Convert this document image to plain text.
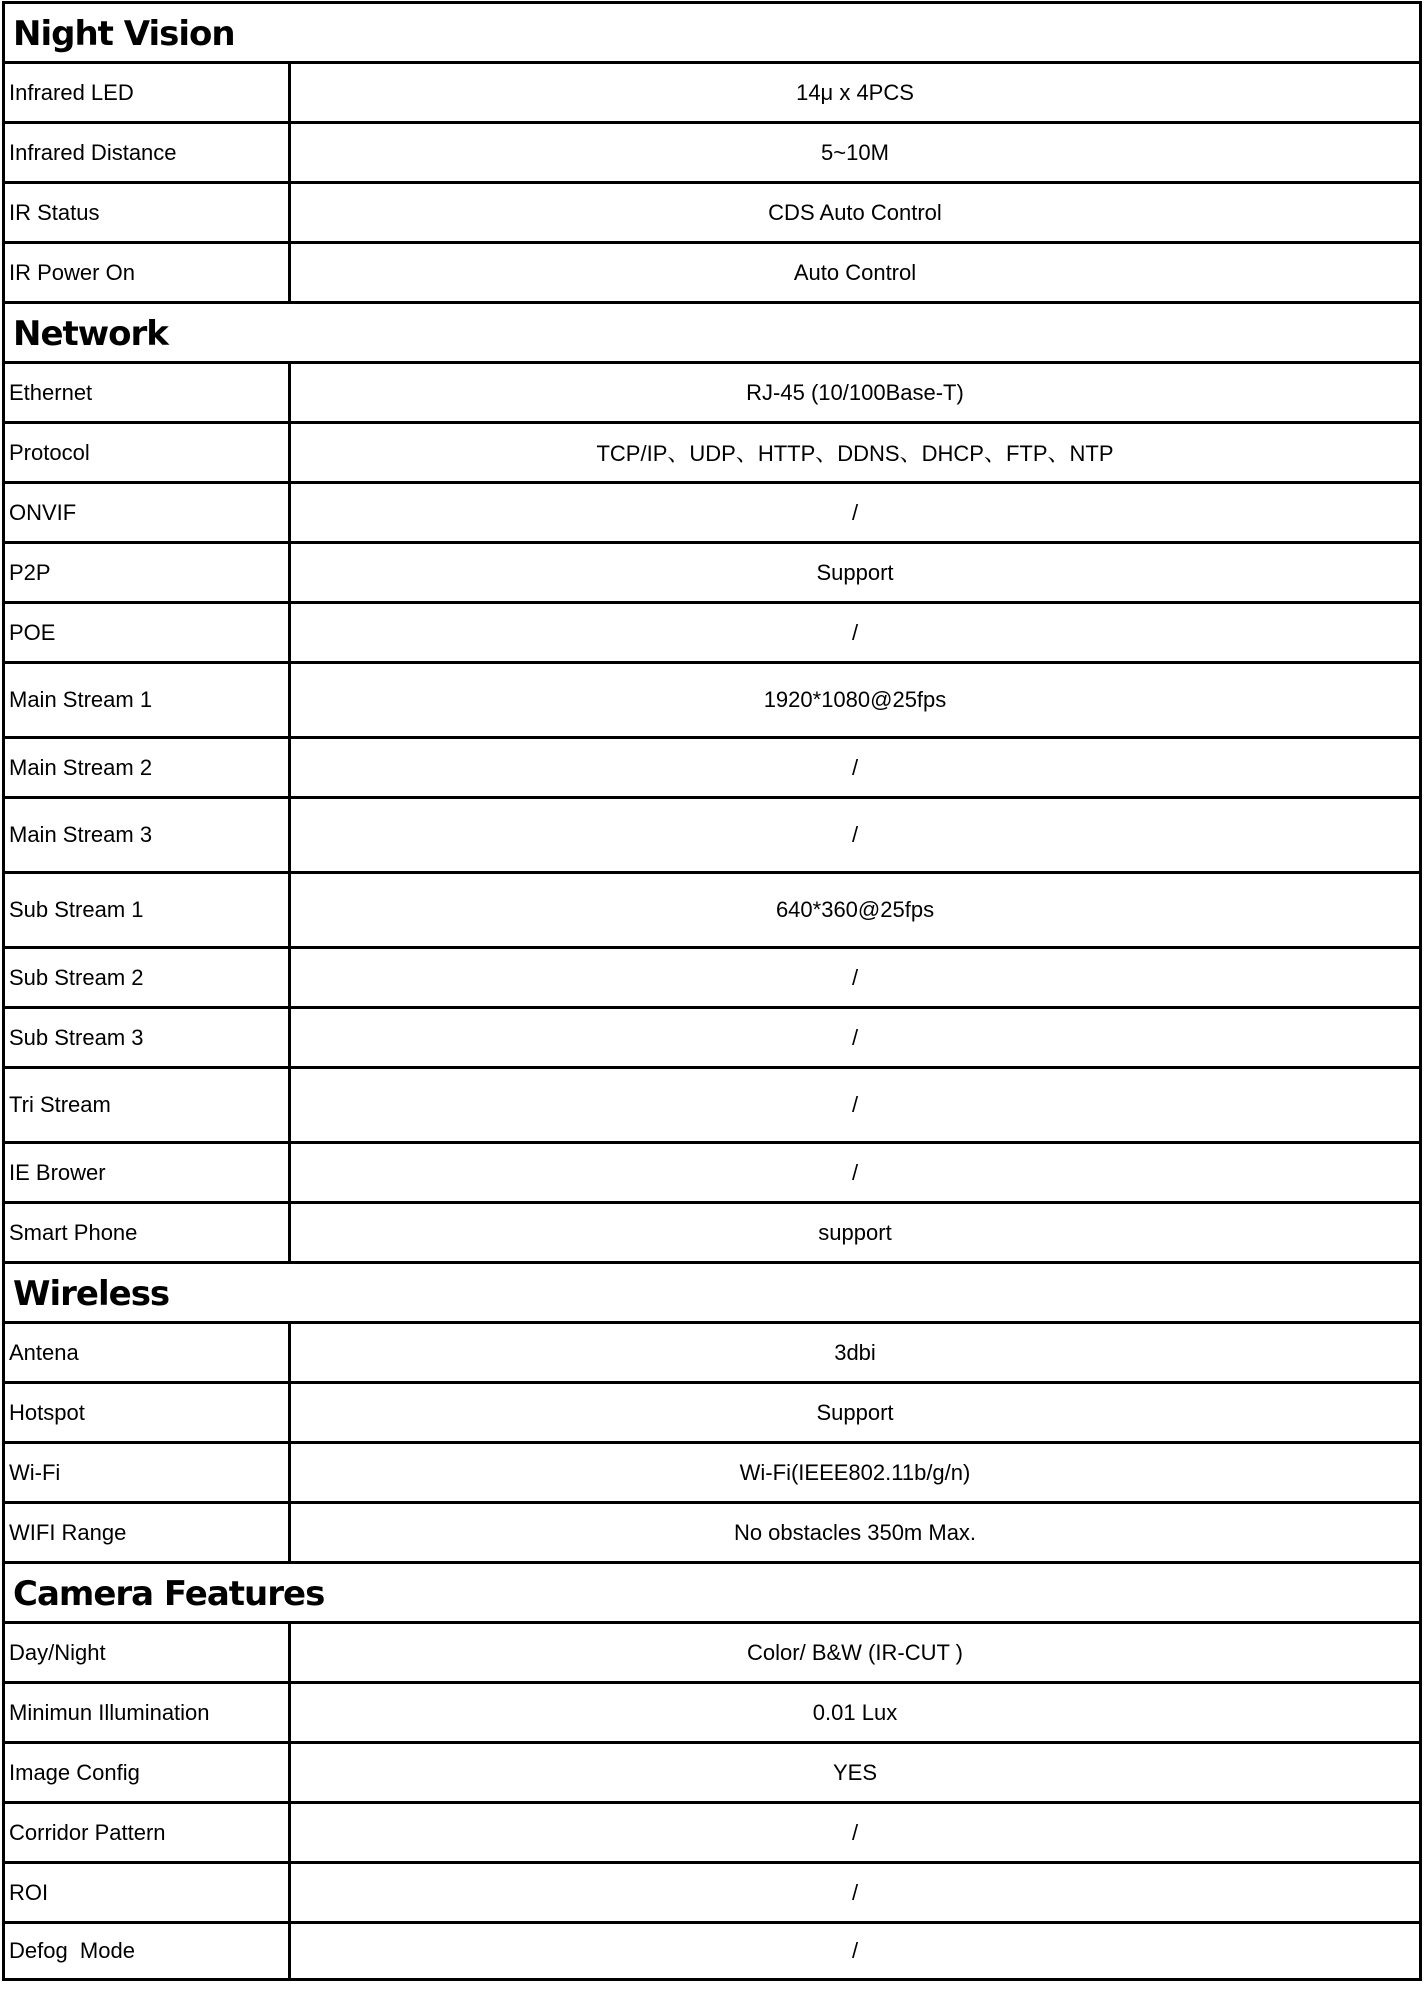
Night Vision
Infrared LED	14μ x 4PCS
Infrared Distance	5~10M
IR Status	CDS Auto Control
IR Power On	Auto Control
Network
Ethernet	RJ-45 (10/100Base-T)
Protocol	TCP/IP、UDP、HTTP、DDNS、DHCP、FTP、NTP
ONVIF	/
P2P	Support
POE	/
Main Stream 1	1920*1080@25fps
Main Stream 2	/
Main Stream 3	/
Sub Stream 1	640*360@25fps
Sub Stream 2	/
Sub Stream 3	/
Tri Stream	/
IE Brower	/
Smart Phone	support
Wireless
Antena	3dbi
Hotspot	Support
Wi-Fi	Wi-Fi(IEEE802.11b/g/n)
WIFI Range	No obstacles 350m Max.
Camera Features
Day/Night	Color/ B&W (IR-CUT )
Minimun Illumination	0.01 Lux
Image Config	YES
Corridor Pattern	/
ROI	/
Defog  Mode	/
